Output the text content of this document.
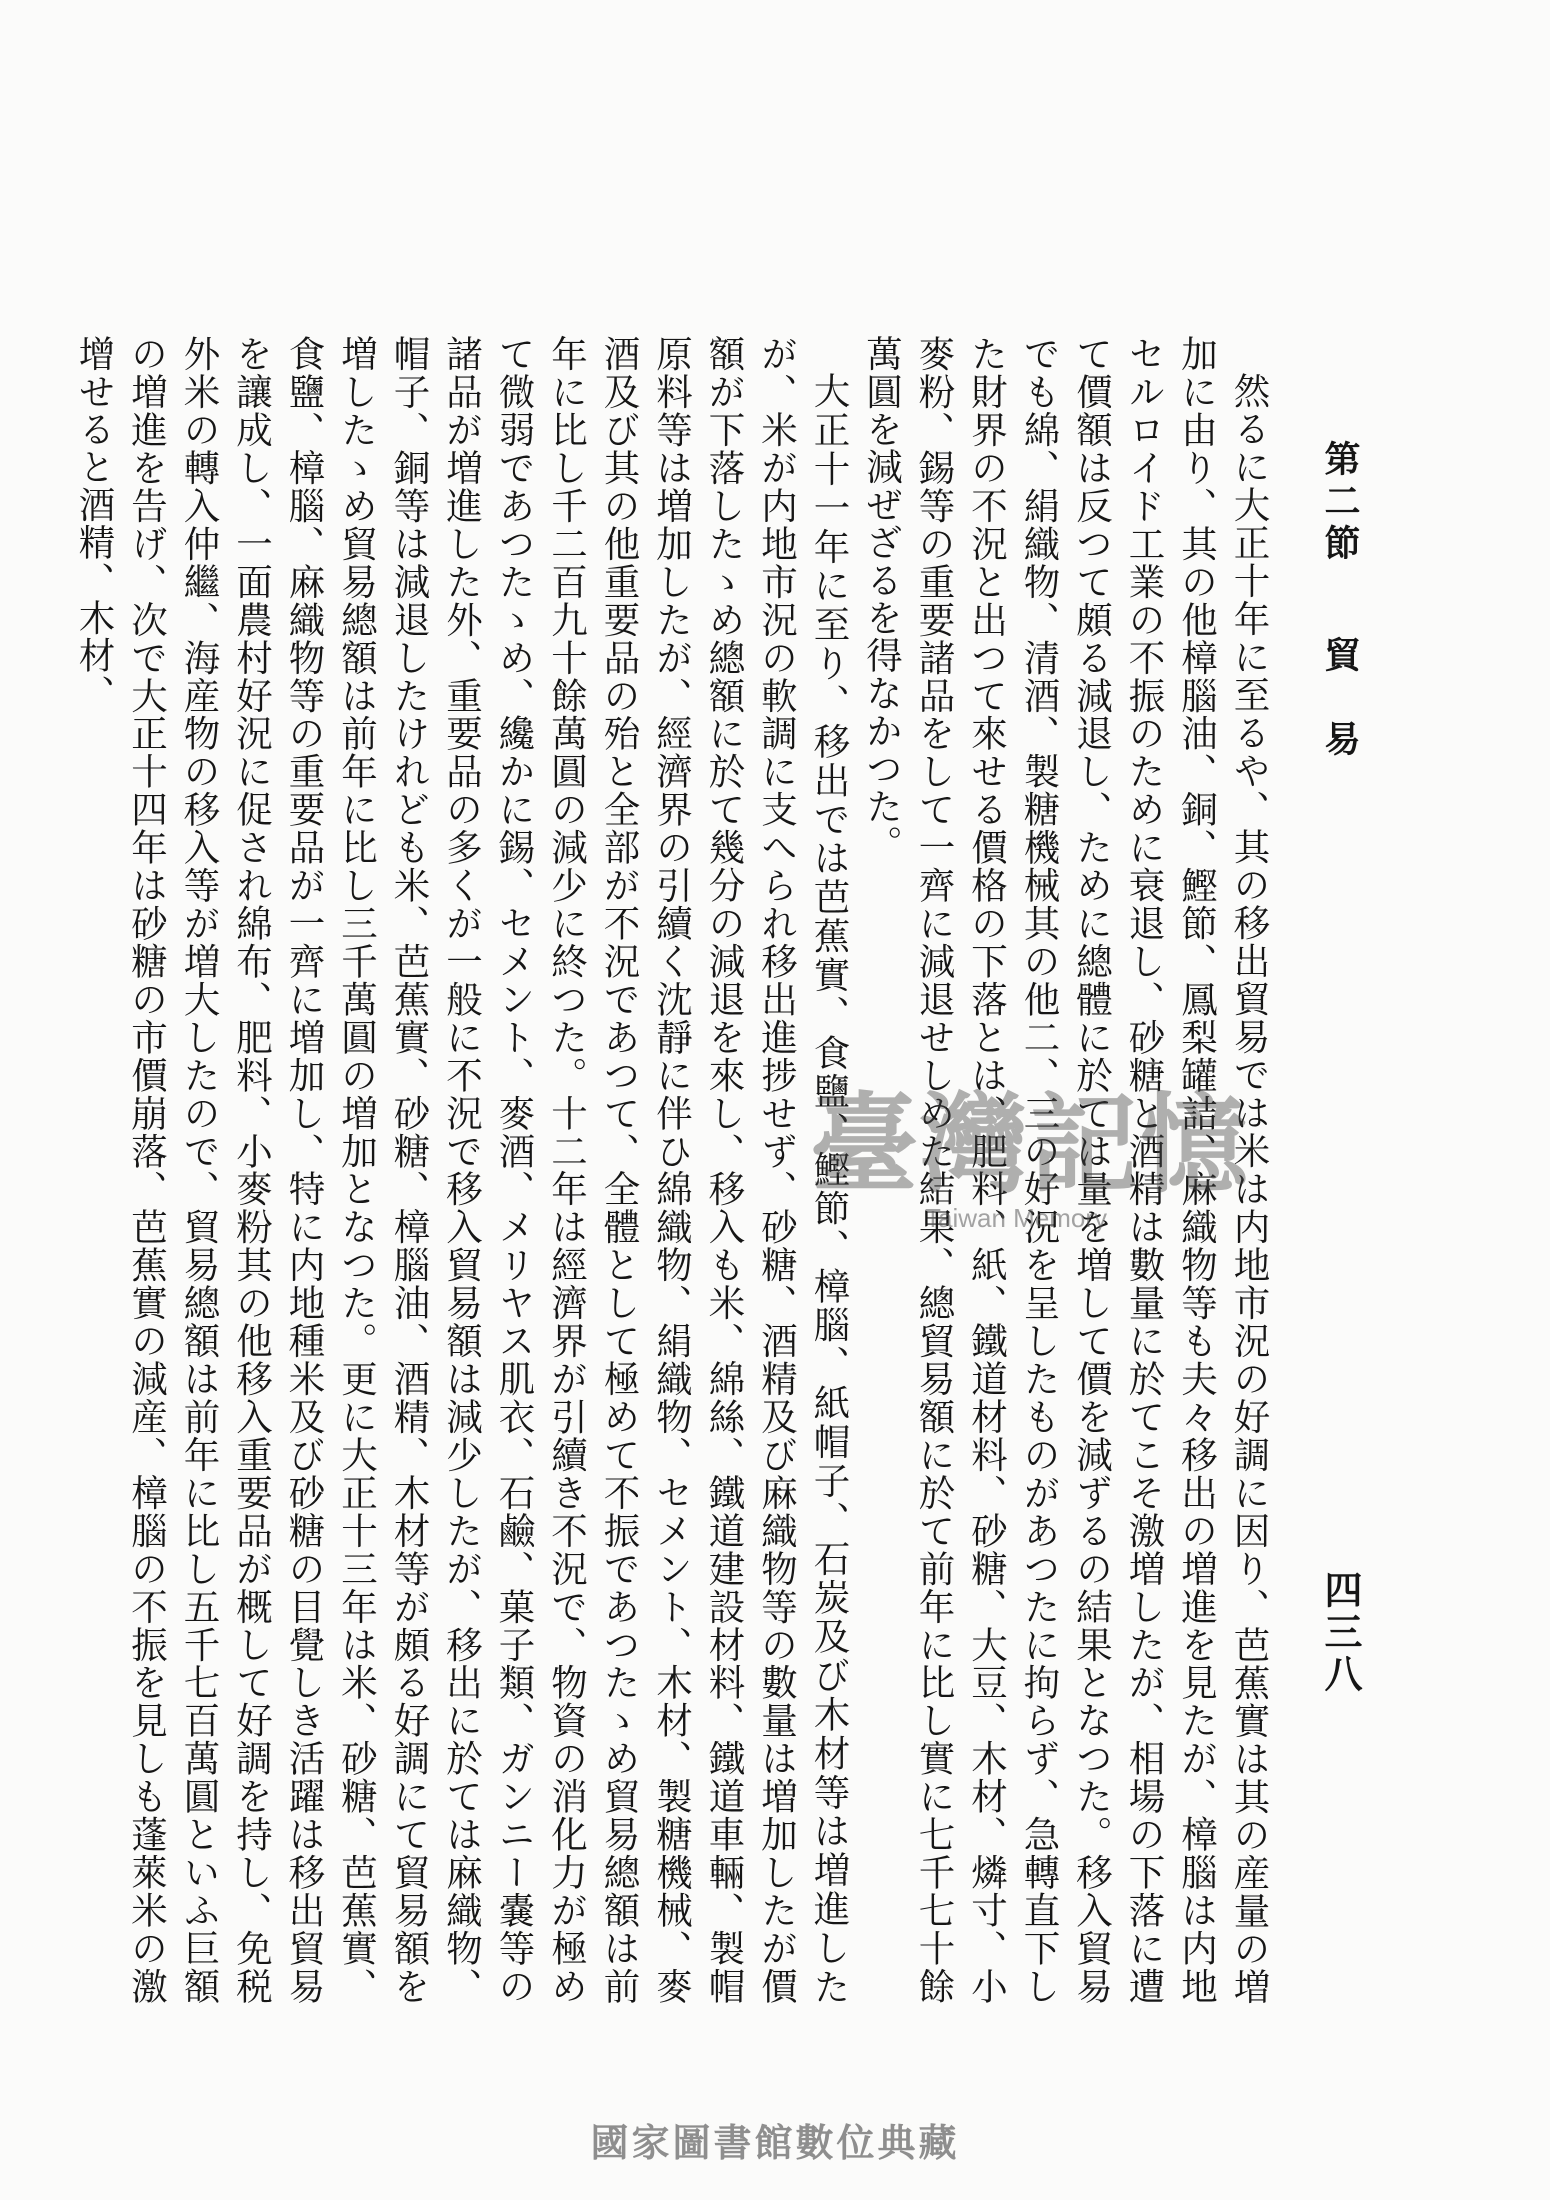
第二節貿　易
四三八

然るに大正十年に至るや、其の移出貿易では米は内地市況の好調に因り、芭蕉實は其の産量の増加に由り、其の他樟腦油、銅、鰹節、鳳梨罐詰、麻織物等も夫々移出の増進を見たが、樟腦は内地セルロイド工業の不振のために衰退し、砂糖と酒精は數量に於てこそ激増したが、相場の下落に遭て價額は反つて頗る減退し、ために總體に於ては量を増して價を減ずるの結果となつた。移入貿易でも綿、絹織物、清酒、製糖機械其の他二、三の好況を呈したものがあつたに拘らず、急轉直下した財界の不況と出つて來せる價格の下落とは、肥料、紙、鐵道材料、砂糖、大豆、木材、燐寸、小麥粉、錫等の重要諸品をして一齊に減退せしめた結果、總貿易額に於て前年に比し實に七千七十餘萬圓を減ぜざるを得なかつた。

大正十一年に至り、移出では芭蕉實、食鹽、鰹節、樟腦、紙帽子、石炭及び木材等は増進したが、米が内地市況の軟調に支へられ移出進捗せず、砂糖、酒精及び麻織物等の數量は増加したが價額が下落したゝめ總額に於て幾分の減退を來し、移入も米、綿絲、鐵道建設材料、鐵道車輛、製帽原料等は増加したが、經濟界の引續く沈靜に伴ひ綿織物、絹織物、セメント、木材、製糖機械、麥酒及び其の他重要品の殆と全部が不況であつて、全體として極めて不振であつたゝめ貿易總額は前年に比し千二百九十餘萬圓の減少に終つた。十二年は經濟界が引續き不況で、物資の消化力が極めて微弱であつたゝめ、纔かに錫、セメント、麥酒、メリヤス肌衣、石鹼、菓子類、ガンニー嚢等の諸品が増進した外、重要品の多くが一般に不況で移入貿易額は減少したが、移出に於ては麻織物、帽子、銅等は減退したけれども米、芭蕉實、砂糖、樟腦油、酒精、木材等が頗る好調にて貿易額を増したゝめ貿易總額は前年に比し三千萬圓の増加となつた。更に大正十三年は米、砂糖、芭蕉實、食鹽、樟腦、麻織物等の重要品が一齊に増加し、特に内地種米及び砂糖の目覺しき活躍は移出貿易を讓成し、一面農村好況に促され綿布、肥料、小麥粉其の他移入重要品が概して好調を持し、免税外米の轉入仲繼、海産物の移入等が増大したので、貿易總額は前年に比し五千七百萬圓といふ巨額の増進を告げ、次で大正十四年は砂糖の市價崩落、芭蕉實の減産、樟腦の不振を見しも蓬萊米の激增せると酒精、木材、

臺灣記憶
Taiwan Memory
國家圖書館數位典藏
